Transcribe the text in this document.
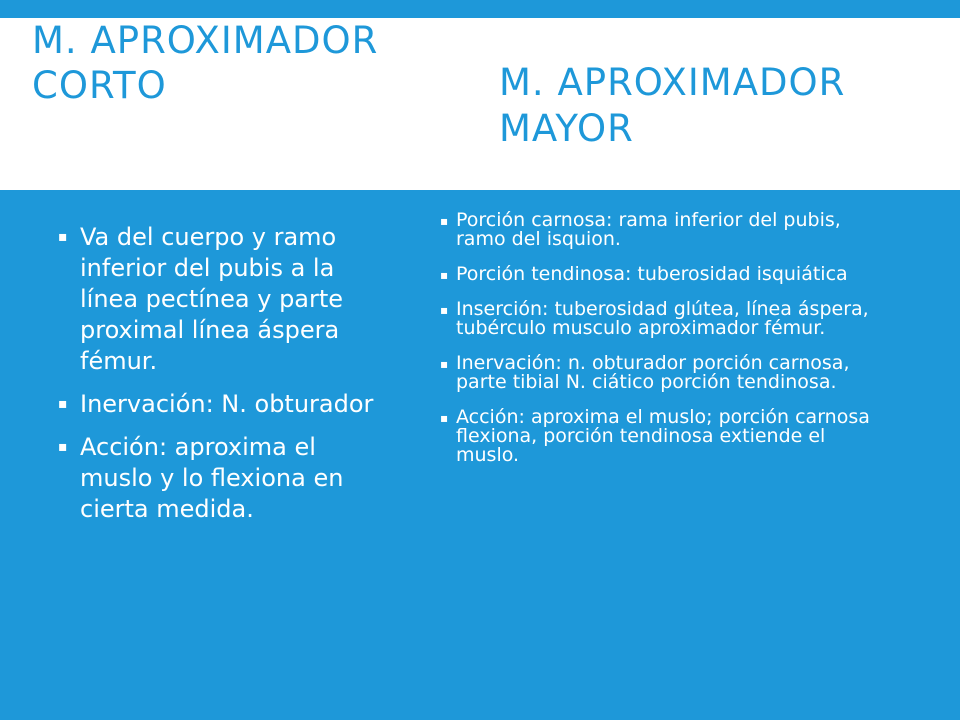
M. APROXIMADOR CORTO	M. APROXIMADOR MAYOR
▪ Va del cuerpo y ramo inferior del pubis a la línea pectínea y parte proximal línea áspera fémur.
▪ Inervación: N. obturador
▪ Acción: aproxima el muslo y lo flexiona en cierta medida.
▪ Porción carnosa: rama inferior del pubis, ramo del isquion.
▪ Porción tendinosa: tuberosidad isquiática
▪ Inserción: tuberosidad glútea, línea áspera, tubérculo musculo aproximador fémur.
▪ Inervación: n. obturador porción carnosa, parte tibial N. ciático porción tendinosa.
▪ Acción: aproxima el muslo; porción carnosa flexiona, porción tendinosa extiende el muslo.
